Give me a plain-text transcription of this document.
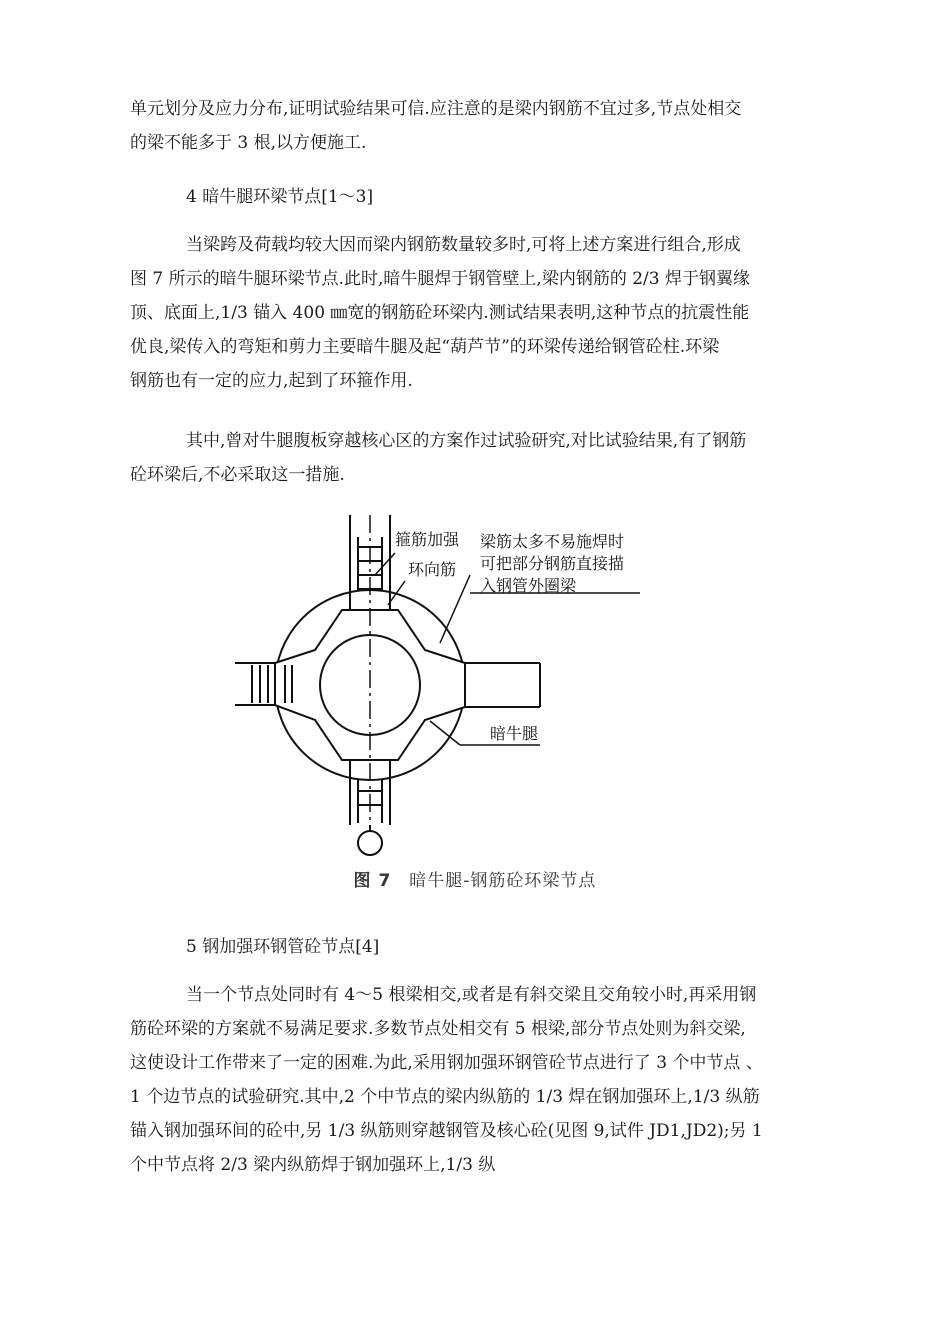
单元划分及应力分布,证明试验结果可信.应注意的是梁内钢筋不宜过多,节点处相交
的梁不能多于 3 根,以方便施工.

4 暗牛腿环梁节点[1～3]

当梁跨及荷载均较大因而梁内钢筋数量较多时,可将上述方案进行组合,形成
图 7 所示的暗牛腿环梁节点.此时,暗牛腿焊于钢管壁上,梁内钢筋的 2/3 焊于钢翼缘
顶、底面上,1/3 锚入 400 ㎜宽的钢筋砼环梁内.测试结果表明,这种节点的抗震性能
优良,梁传入的弯矩和剪力主要暗牛腿及起“葫芦节”的环梁传递给钢管砼柱.环梁
钢筋也有一定的应力,起到了环箍作用.

其中,曾对牛腿腹板穿越核心区的方案作过试验研究,对比试验结果,有了钢筋
砼环梁后,不必采取这一措施.

箍筋加强
环向筋
梁筋太多不易施焊时
可把部分钢筋直接描
入钢管外圈梁
暗牛腿
图 7 暗牛腿-钢筋砼环梁节点

5 钢加强环钢管砼节点[4]

当一个节点处同时有 4～5 根梁相交,或者是有斜交梁且交角较小时,再采用钢
筋砼环梁的方案就不易满足要求.多数节点处相交有 5 根梁,部分节点处则为斜交梁,
这使设计工作带来了一定的困难.为此,采用钢加强环钢管砼节点进行了 3 个中节点 、
1 个边节点的试验研究.其中,2 个中节点的梁内纵筋的 1/3 焊在钢加强环上,1/3 纵筋
锚入钢加强环间的砼中,另 1/3 纵筋则穿越钢管及核心砼(见图 9,试件 JD1,JD2);另 1
个中节点将 2/3 梁内纵筋焊于钢加强环上,1/3 纵
